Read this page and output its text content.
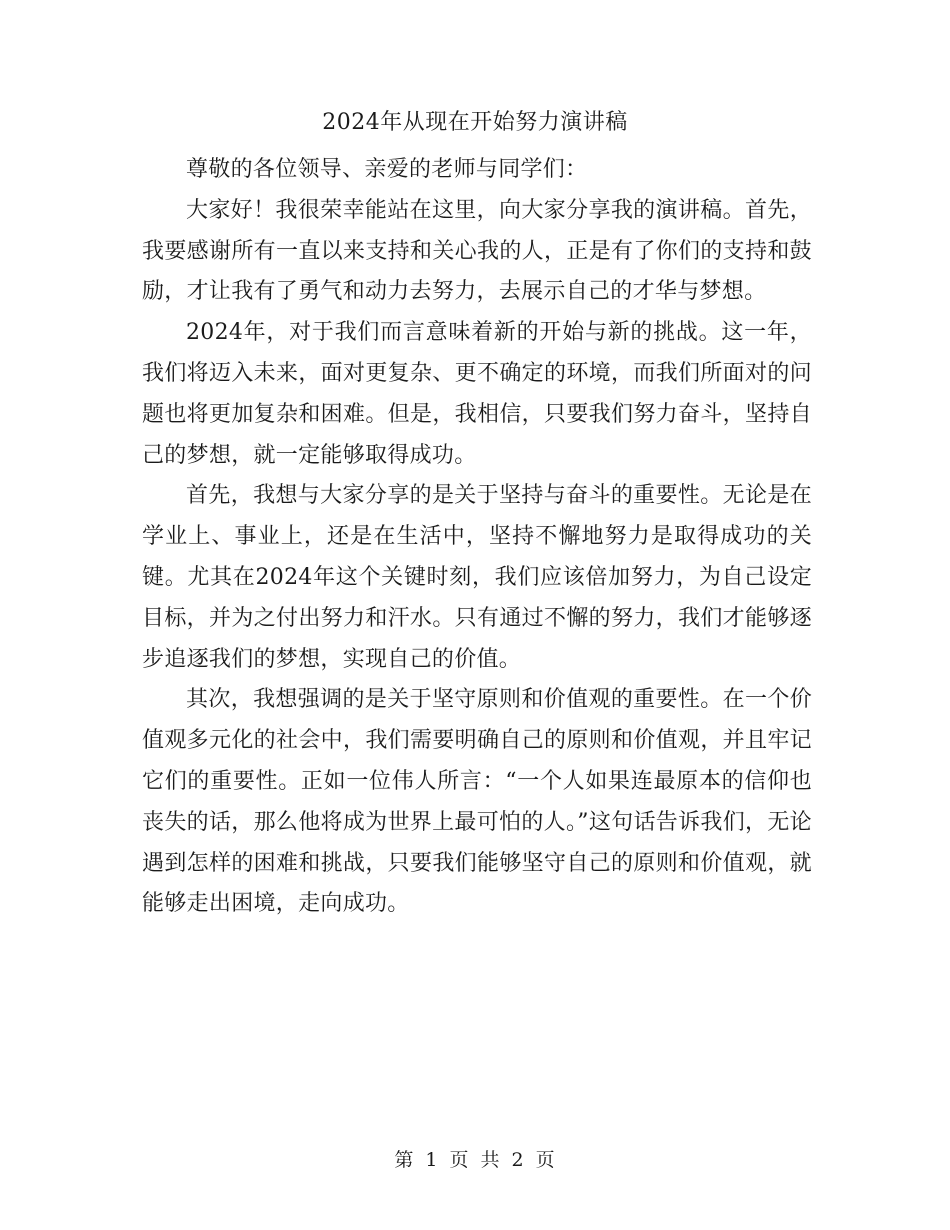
2024年从现在开始努力演讲稿

尊敬的各位领导、亲爱的老师与同学们：

大家好！我很荣幸能站在这里，向大家分享我的演讲稿。首先，我要感谢所有一直以来支持和关心我的人，正是有了你们的支持和鼓励，才让我有了勇气和动力去努力，去展示自己的才华与梦想。

2024年，对于我们而言意味着新的开始与新的挑战。这一年，我们将迈入未来，面对更复杂、更不确定的环境，而我们所面对的问题也将更加复杂和困难。但是，我相信，只要我们努力奋斗，坚持自己的梦想，就一定能够取得成功。

首先，我想与大家分享的是关于坚持与奋斗的重要性。无论是在学业上、事业上，还是在生活中，坚持不懈地努力是取得成功的关键。尤其在2024年这个关键时刻，我们应该倍加努力，为自己设定目标，并为之付出努力和汗水。只有通过不懈的努力，我们才能够逐步追逐我们的梦想，实现自己的价值。

其次，我想强调的是关于坚守原则和价值观的重要性。在一个价值观多元化的社会中，我们需要明确自己的原则和价值观，并且牢记它们的重要性。正如一位伟人所言：“一个人如果连最原本的信仰也丧失的话，那么他将成为世界上最可怕的人。”这句话告诉我们，无论遇到怎样的困难和挑战，只要我们能够坚守自己的原则和价值观，就能够走出困境，走向成功。

第 1 页 共 2 页
